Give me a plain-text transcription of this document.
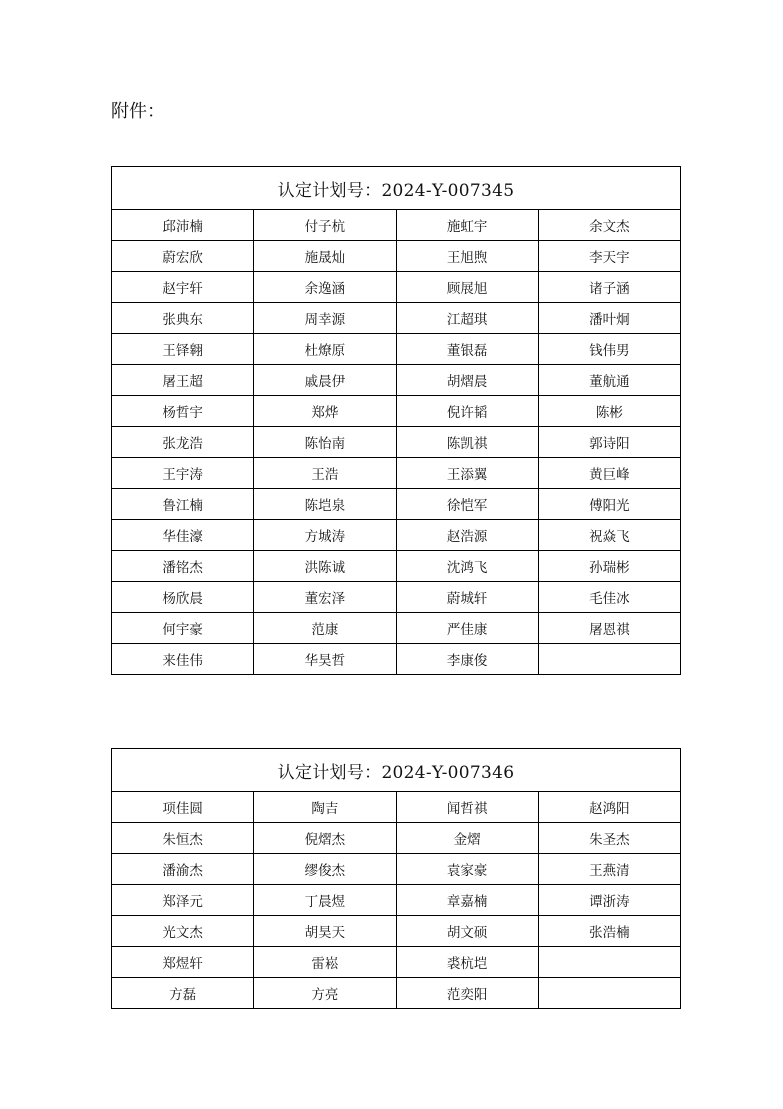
附件：
认定计划号：2024-Y-007345			
邱沛楠	付子杭	施虹宇	余文杰
蔚宏欣	施晟灿	王旭煦	李天宇
赵宇轩	余逸涵	顾展旭	诸子涵
张典东	周幸源	江超琪	潘叶炯
王铎翱	杜燎原	董银磊	钱伟男
屠王超	戚晨伊	胡熠晨	董航通
杨哲宇	郑烨	倪许韬	陈彬
张龙浩	陈怡南	陈凯祺	郭诗阳
王宇涛	王浩	王添翼	黄巨峰
鲁江楠	陈垲泉	徐恺军	傅阳光
华佳濠	方城涛	赵浩源	祝焱飞
潘铭杰	洪陈诚	沈鸿飞	孙瑞彬
杨欣晨	董宏泽	蔚城轩	毛佳冰
何宇豪	范康	严佳康	屠恩祺
来佳伟	华昊哲	李康俊	
认定计划号：2024-Y-007346			
项佳圆	陶吉	闻哲祺	赵鸿阳
朱恒杰	倪熠杰	金熠	朱圣杰
潘渝杰	缪俊杰	袁家豪	王燕清
郑泽元	丁晨煜	章嘉楠	谭浙涛
光文杰	胡昊天	胡文硕	张浩楠
郑煜轩	雷崧	裘杭垲	
方磊	方亮	范奕阳	
